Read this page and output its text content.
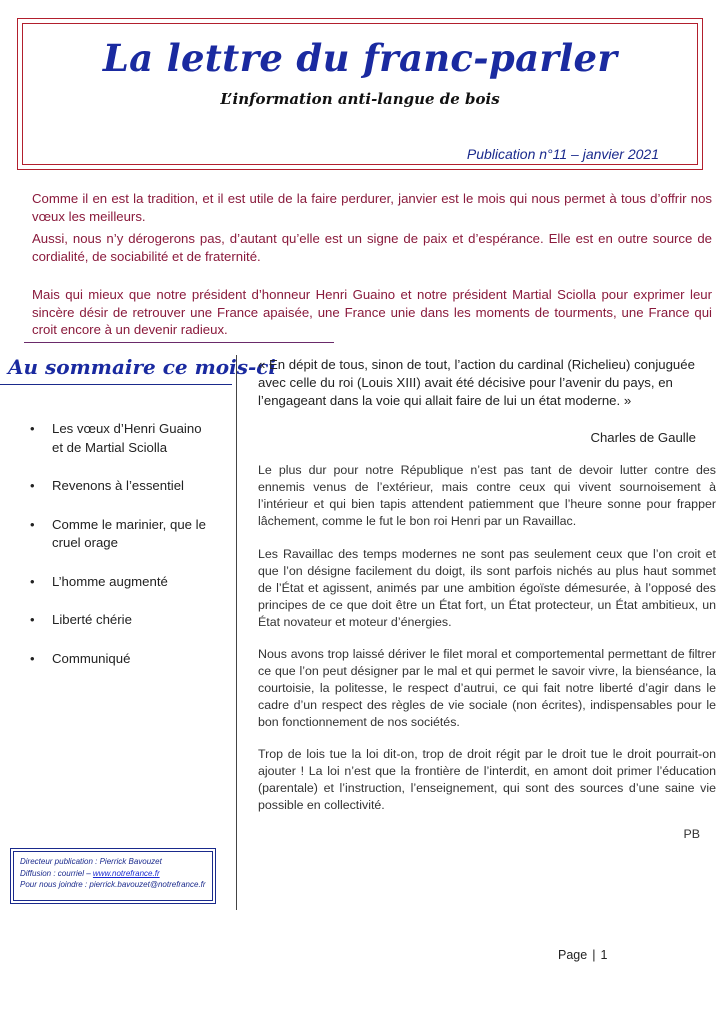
La lettre du franc-parler
L’information anti-langue de bois
Publication n°11 – janvier 2021

Comme il en est la tradition, et il est utile de la faire perdurer, janvier est le mois qui nous permet à tous d’offrir nos vœux les meilleurs.

Aussi, nous n’y dérogerons pas, d’autant qu’elle est un signe de paix et d’espérance. Elle est en outre source de cordialité, de sociabilité et de fraternité.

Mais qui mieux que notre président d’honneur Henri Guaino et notre président Martial Sciolla pour exprimer leur sincère désir de retrouver une France apaisée, une France unie dans les moments de tourments, une France qui croit encore à un devenir radieux.

Au sommaire ce mois-ci
• Les vœux d’Henri Guaino et de Martial Sciolla
• Revenons à l’essentiel
• Comme le marinier, que le cruel orage
• L’homme augmenté
• Liberté chérie
• Communiqué

« En dépit de tous, sinon de tout, l’action du cardinal (Richelieu) conjuguée avec celle du roi (Louis XIII) avait été décisive pour l’avenir du pays, en l’engageant dans la voie qui allait faire de lui un état moderne. »

Charles de Gaulle

Le plus dur pour notre République n’est pas tant de devoir lutter contre des ennemis venus de l’extérieur, mais contre ceux qui vivent sournoisement à l’intérieur et qui bien tapis attendent patiemment que l’heure sonne pour frapper lâchement, comme le fut le bon roi Henri par un Ravaillac.

Les Ravaillac des temps modernes ne sont pas seulement ceux que l’on croit et que l’on désigne facilement du doigt, ils sont parfois nichés au plus haut sommet de l’État et agissent, animés par une ambition égoïste démesurée, à l’opposé des principes de ce que doit être un État fort, un État protecteur, un État ambitieux, un État novateur et moteur d’énergies.

Nous avons trop laissé dériver le filet moral et comportemental permettant de filtrer ce que l’on peut désigner par le mal et qui permet le savoir vivre, la bienséance, la courtoisie, la politesse, le respect d’autrui, ce qui fait notre liberté d’agir dans le cadre d’un respect des règles de vie sociale (non écrites), indispensables pour le bon fonctionnement de nos sociétés.

Trop de lois tue la loi dit-on, trop de droit régit par le droit tue le droit pourrait-on ajouter ! La loi n’est que la frontière de l’interdit, en amont doit primer l’éducation (parentale) et l’instruction, l’enseignement, qui sont des sources d’une saine vie possible en collectivité.

PB
Directeur publication : Pierrick Bavouzet
Diffusion : courriel – www.notrefrance.fr
Pour nous joindre : pierrick.bavouzet@notrefrance.fr
Page | 1
